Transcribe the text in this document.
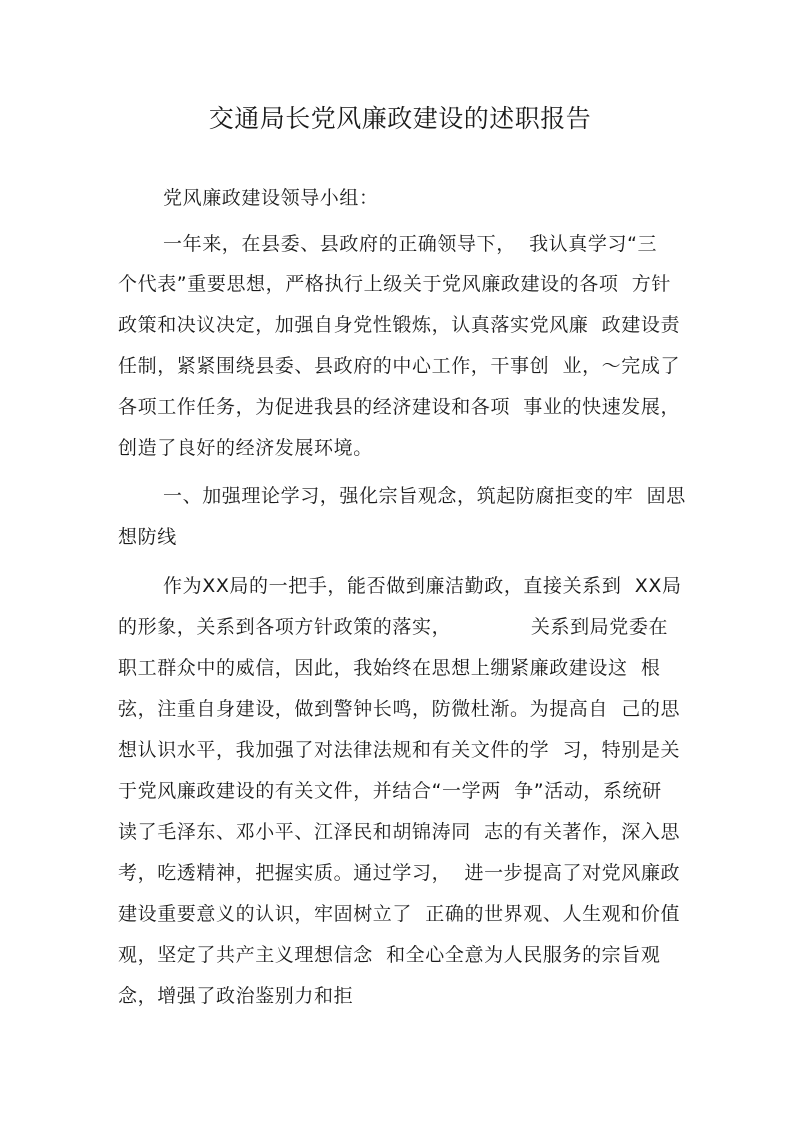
交通局长党风廉政建设的述职报告
党风廉政建设领导小组：
一年来，在县委、县政府的正确领导下，  我认真学习“三
个代表”重要思想，严格执行上级关于党风廉政建设的各项  方针
政策和决议决定，加强自身党性锻炼，认真落实党风廉  政建设责
任制，紧紧围绕县委、县政府的中心工作，干事创  业，～完成了
各项工作任务，为促进我县的经济建设和各项  事业的快速发展，
创造了良好的经济发展环境。
一、加强理论学习，强化宗旨观念，筑起防腐拒变的牢  固思
想防线
作为XX局的一把手，能否做到廉洁勤政，直接关系到  XX局
的形象，关系到各项方针政策的落实，            关系到局党委在
职工群众中的威信，因此，我始终在思想上绷紧廉政建设这  根
弦，注重自身建设，做到警钟长鸣，防微杜渐。为提高自  己的思
想认识水平，我加强了对法律法规和有关文件的学  习，特别是关
于党风廉政建设的有关文件，并结合“一学两  争”活动，系统研
读了毛泽东、邓小平、江泽民和胡锦涛同  志的有关著作，深入思
考，吃透精神，把握实质。通过学习，  进一步提高了对党风廉政
建设重要意义的认识，牢固树立了  正确的世界观、人生观和价值
观，坚定了共产主义理想信念  和全心全意为人民服务的宗旨观
念，增强了政治鉴别力和拒
